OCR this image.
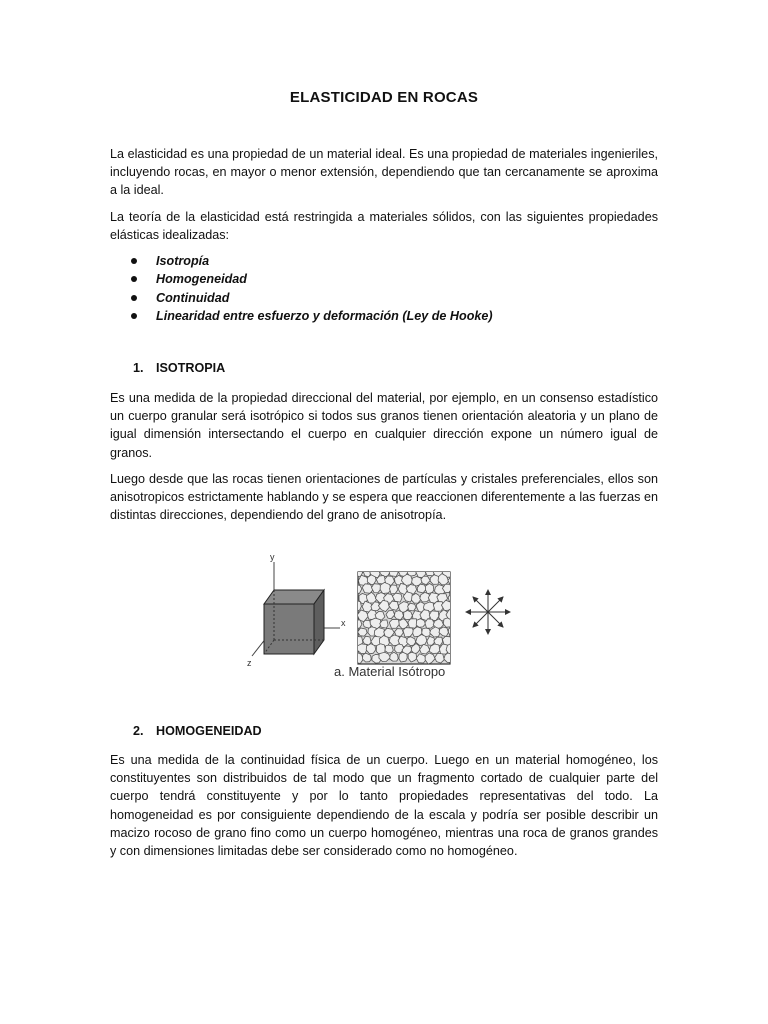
ELASTICIDAD EN ROCAS

La elasticidad es una propiedad de un material ideal. Es una propiedad de materiales ingenieriles, incluyendo rocas, en mayor o menor extensión, dependiendo que tan cercanamente se aproxima a la ideal.

La teoría de la elasticidad está restringida a materiales sólidos, con las siguientes propiedades elásticas idealizadas:

Isotropía
Homogeneidad
Continuidad
Linearidad entre esfuerzo y deformación (Ley de Hooke)
1. ISOTROPIA

Es una medida de la propiedad direccional del material, por ejemplo, en un consenso estadístico un cuerpo granular será isotrópico si todos sus granos tienen orientación aleatoria y un plano de igual dimensión intersectando el cuerpo en cualquier dirección expone un número igual de granos.

Luego desde que las rocas tienen orientaciones de partículas y cristales preferenciales, ellos son anisotropicos estrictamente hablando y se espera que reaccionen diferentemente a las fuerzas en distintas direcciones, dependiendo del grano de anisotropía.

y
x
z
a. Material Isótropo
2. HOMOGENEIDAD

Es una medida de la continuidad física de un cuerpo. Luego en un material homogéneo, los constituyentes son distribuidos de tal modo que un fragmento cortado de cualquier parte del cuerpo tendrá constituyente y por lo tanto propiedades representativas del todo. La homogeneidad es por consiguiente dependiendo de la escala y podría ser posible describir un macizo rocoso de grano fino como un cuerpo homogéneo, mientras una roca de granos grandes y con dimensiones limitadas debe ser considerado como no homogéneo.
